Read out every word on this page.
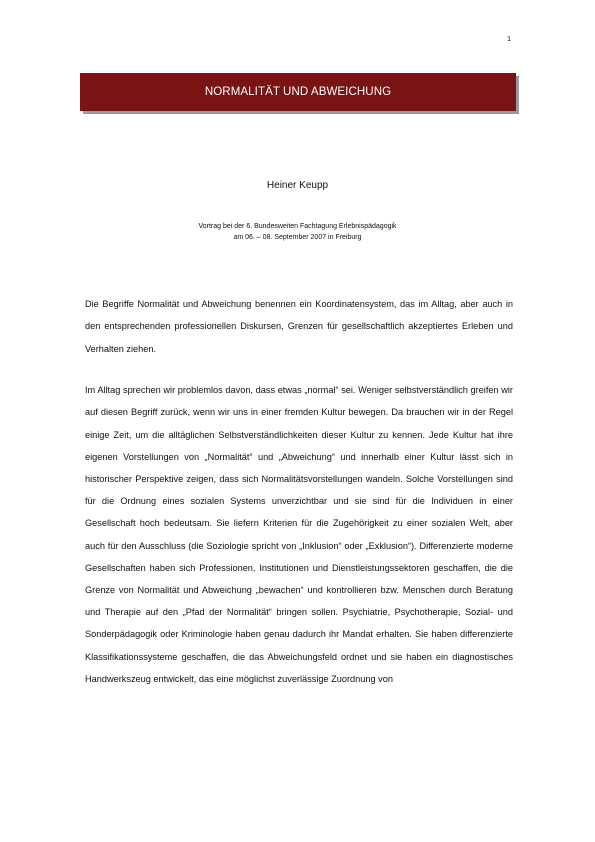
1
NORMALITÄT UND ABWEICHUNG
Heiner Keupp
Vortrag bei der 6. Bundesweiten Fachtagung Erlebnispädagogik
am 06. – 08. September 2007 in Freiburg

Die Begriffe Normalität und Abweichung benennen ein Koordinatensystem, das im Alltag, aber auch in den entsprechenden professionellen Diskursen, Grenzen für gesellschaftlich akzeptiertes Erleben und Verhalten ziehen.

Im Alltag sprechen wir problemlos davon, dass etwas „normal“ sei. Weniger selbstverständlich greifen wir auf diesen Begriff zurück, wenn wir uns in einer fremden Kultur bewegen. Da brauchen wir in der Regel einige Zeit, um die alltäglichen Selbstverständlichkeiten dieser Kultur zu kennen. Jede Kultur hat ihre eigenen Vorstellungen von „Normalität“ und „Abweichung“ und innerhalb einer Kultur lässt sich in historischer Perspektive zeigen, dass sich Normalitätsvorstellungen wandeln. Solche Vorstellungen sind für die Ordnung eines sozialen Systems unverzichtbar und sie sind für die Individuen in einer Gesellschaft hoch bedeutsam. Sie liefern Kriterien für die Zugehörigkeit zu einer sozialen Welt, aber auch für den Ausschluss (die Soziologie spricht von „Inklusion“ oder „Exklusion“). Differenzierte moderne Gesellschaften haben sich Professionen, Institutionen und Dienstleistungssektoren geschaffen, die die Grenze von Normalität und Abweichung „bewachen“ und kontrollieren bzw. Menschen durch Beratung und Therapie auf den „Pfad der Normalität“ bringen sollen. Psychiatrie, Psychotherapie, Sozial- und Sonderpädagogik oder Kriminologie haben genau dadurch ihr Mandat erhalten. Sie haben differenzierte Klassifikationssysteme geschaffen, die das Abweichungsfeld ordnet und sie haben ein diagnostisches Handwerkszeug entwickelt, das eine möglichst zuverlässige Zuordnung von
